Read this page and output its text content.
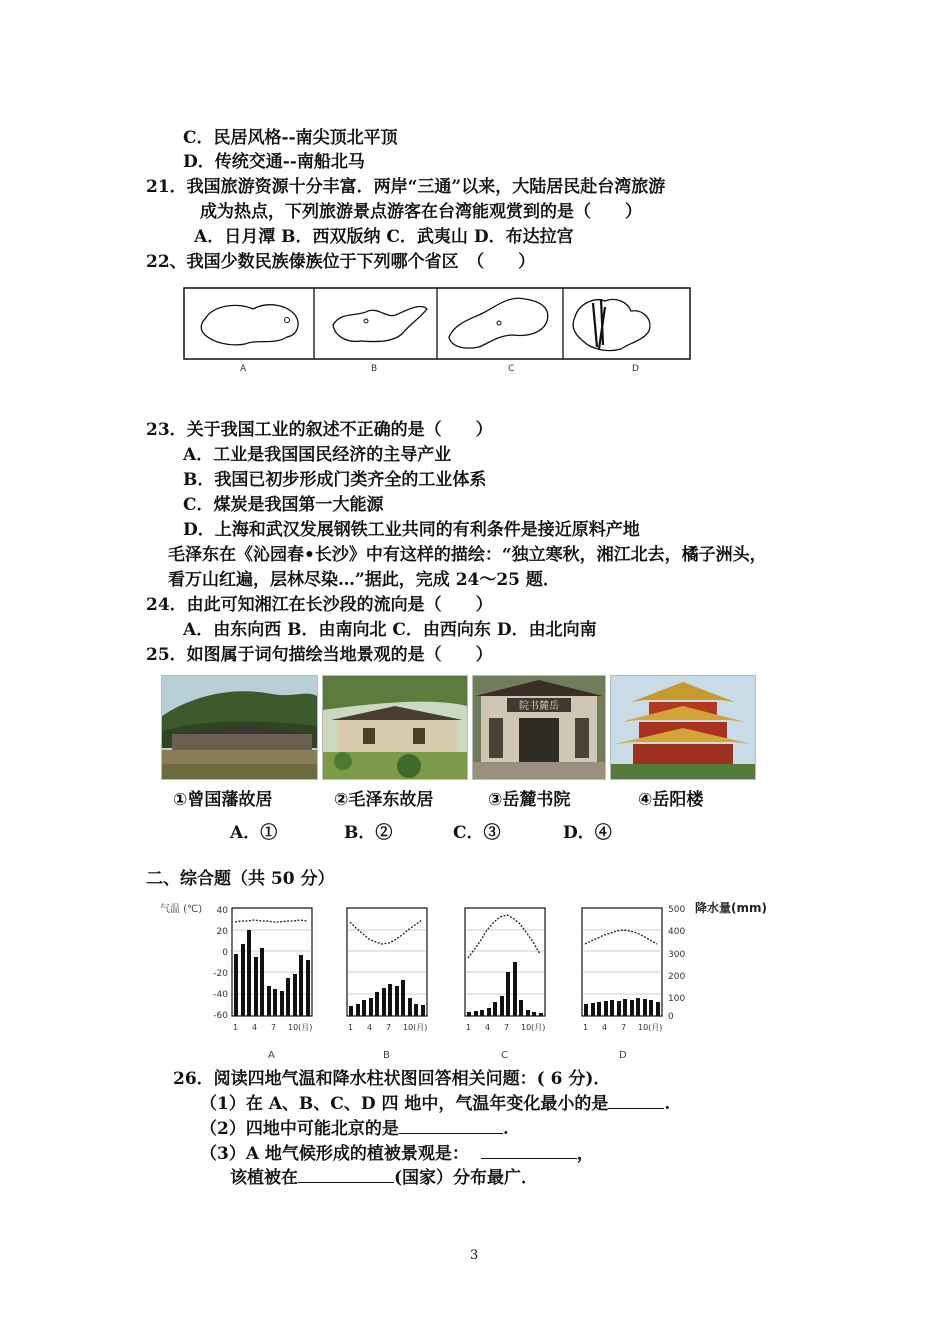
C．民居风格--南尖顶北平顶
D．传统交通--南船北马
21．我国旅游资源十分丰富．两岸“三通”以来，大陆居民赴台湾旅游
成为热点，下列旅游景点游客在台湾能观赏到的是（　　）
A．日月潭 B．西双版纳 C．武夷山 D．布达拉宫
22、我国少数民族傣族位于下列哪个省区　（　　）
A	B	C	D
23．关于我国工业的叙述不正确的是（　　）
A．工业是我国国民经济的主导产业
B．我国已初步形成门类齐全的工业体系
C．煤炭是我国第一大能源
D．上海和武汉发展钢铁工业共同的有利条件是接近原料产地
毛泽东在《沁园春•长沙》中有这样的描绘：“独立寒秋，湘江北去，橘子洲头，
看万山红遍，层林尽染…”据此，完成 24～25 题．
24．由此可知湘江在长沙段的流向是（　　）
A．由东向西 B．由南向北 C．由西向东 D．由北向南
25．如图属于词句描绘当地景观的是（　　）
院书麓岳
①曾国藩故居	②毛泽东故居	③岳麓书院	④岳阳楼
A．①	B．②	C．③	D．④
二、综合题（共 50 分）
气温 (℃)	降水量(mm)
40
20
0
-20
-40
-60
500
400
300
200
100
0
1 4 7 10(月)
A
1 4 7 10(月)
B
1 4 7 10(月)
C
1 4 7 10(月)
D
26．阅读四地气温和降水柱状图回答相关问题：( 6 分)．
（1）在 A、B、C、D 四 地中，气温年变化最小的是	.
（2）四地中可能北京的是	.
（3）A 地气候形成的植被景观是：	，
该植被在	(国家）分布最广．
3
